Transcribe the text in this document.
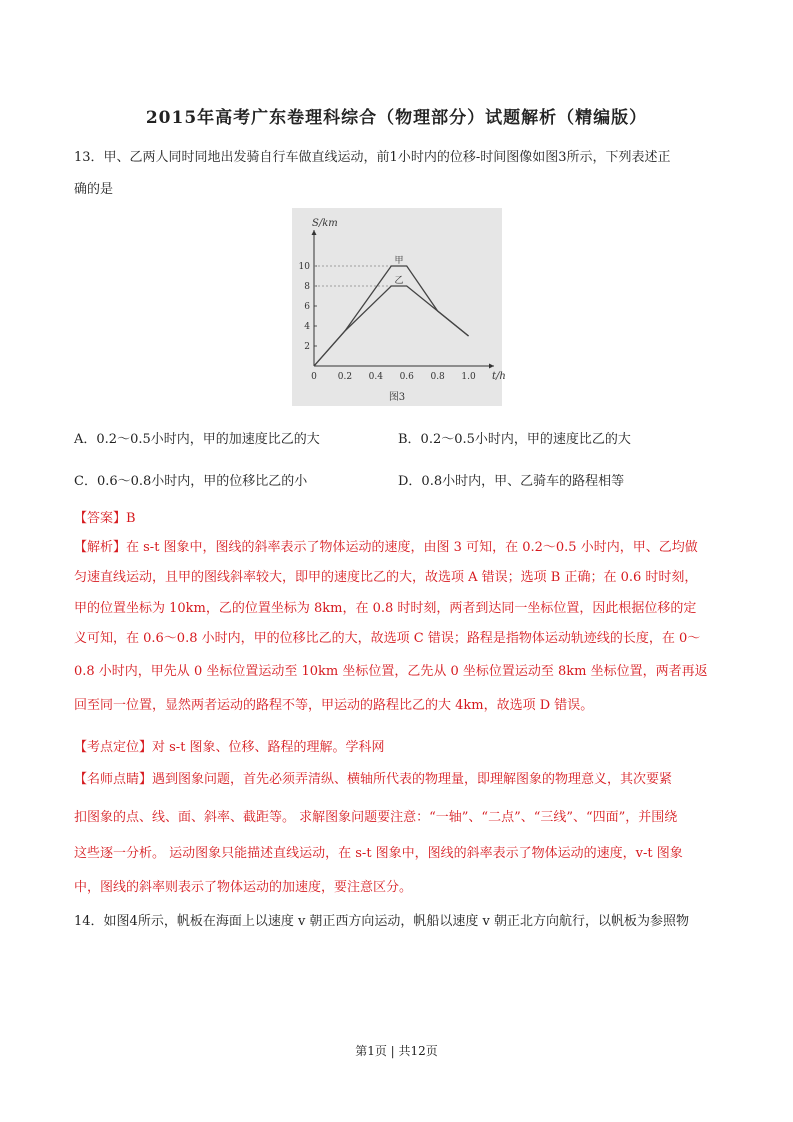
2015年高考广东卷理科综合（物理部分）试题解析（精编版）
13．甲、乙两人同时同地出发骑自行车做直线运动，前1小时内的位移-时间图像如图3所示，下列表述正
确的是
S/km
t/h
0 0.2 0.4 0.6 0.8 1.0
2
4
6
8
10
图3
甲
乙
A．0.2～0.5小时内，甲的加速度比乙的大	B．0.2～0.5小时内，甲的速度比乙的大
C．0.6～0.8小时内，甲的位移比乙的小	D．0.8小时内，甲、乙骑车的路程相等
【答案】B
【解析】在 s-t 图象中，图线的斜率表示了物体运动的速度，由图 3 可知，在 0.2～0.5 小时内，甲、乙均做
匀速直线运动，且甲的图线斜率较大，即甲的速度比乙的大，故选项 A 错误；选项 B 正确；在 0.6 时时刻，
甲的位置坐标为 10km，乙的位置坐标为 8km，在 0.8 时时刻，两者到达同一坐标位置，因此根据位移的定
义可知，在 0.6～0.8 小时内，甲的位移比乙的大，故选项 C 错误；路程是指物体运动轨迹线的长度，在 0～
0.8 小时内，甲先从 0 坐标位置运动至 10km 坐标位置，乙先从 0 坐标位置运动至 8km 坐标位置，两者再返
回至同一位置，显然两者运动的路程不等，甲运动的路程比乙的大 4km，故选项 D 错误。
【考点定位】对 s-t 图象、位移、路程的理解。学科网
【名师点睛】遇到图象问题，首先必须弄清纵、横轴所代表的物理量，即理解图象的物理意义，其次要紧
扣图象的点、线、面、斜率、截距等。 求解图象问题要注意：“一轴”、“二点”、“三线”、“四面”，并围绕
这些逐一分析。 运动图象只能描述直线运动，在 s-t 图象中，图线的斜率表示了物体运动的速度，v-t 图象
中，图线的斜率则表示了物体运动的加速度，要注意区分。
14．如图4所示，帆板在海面上以速度 v 朝正西方向运动，帆船以速度 v 朝正北方向航行，以帆板为参照物
第1页 | 共12页
